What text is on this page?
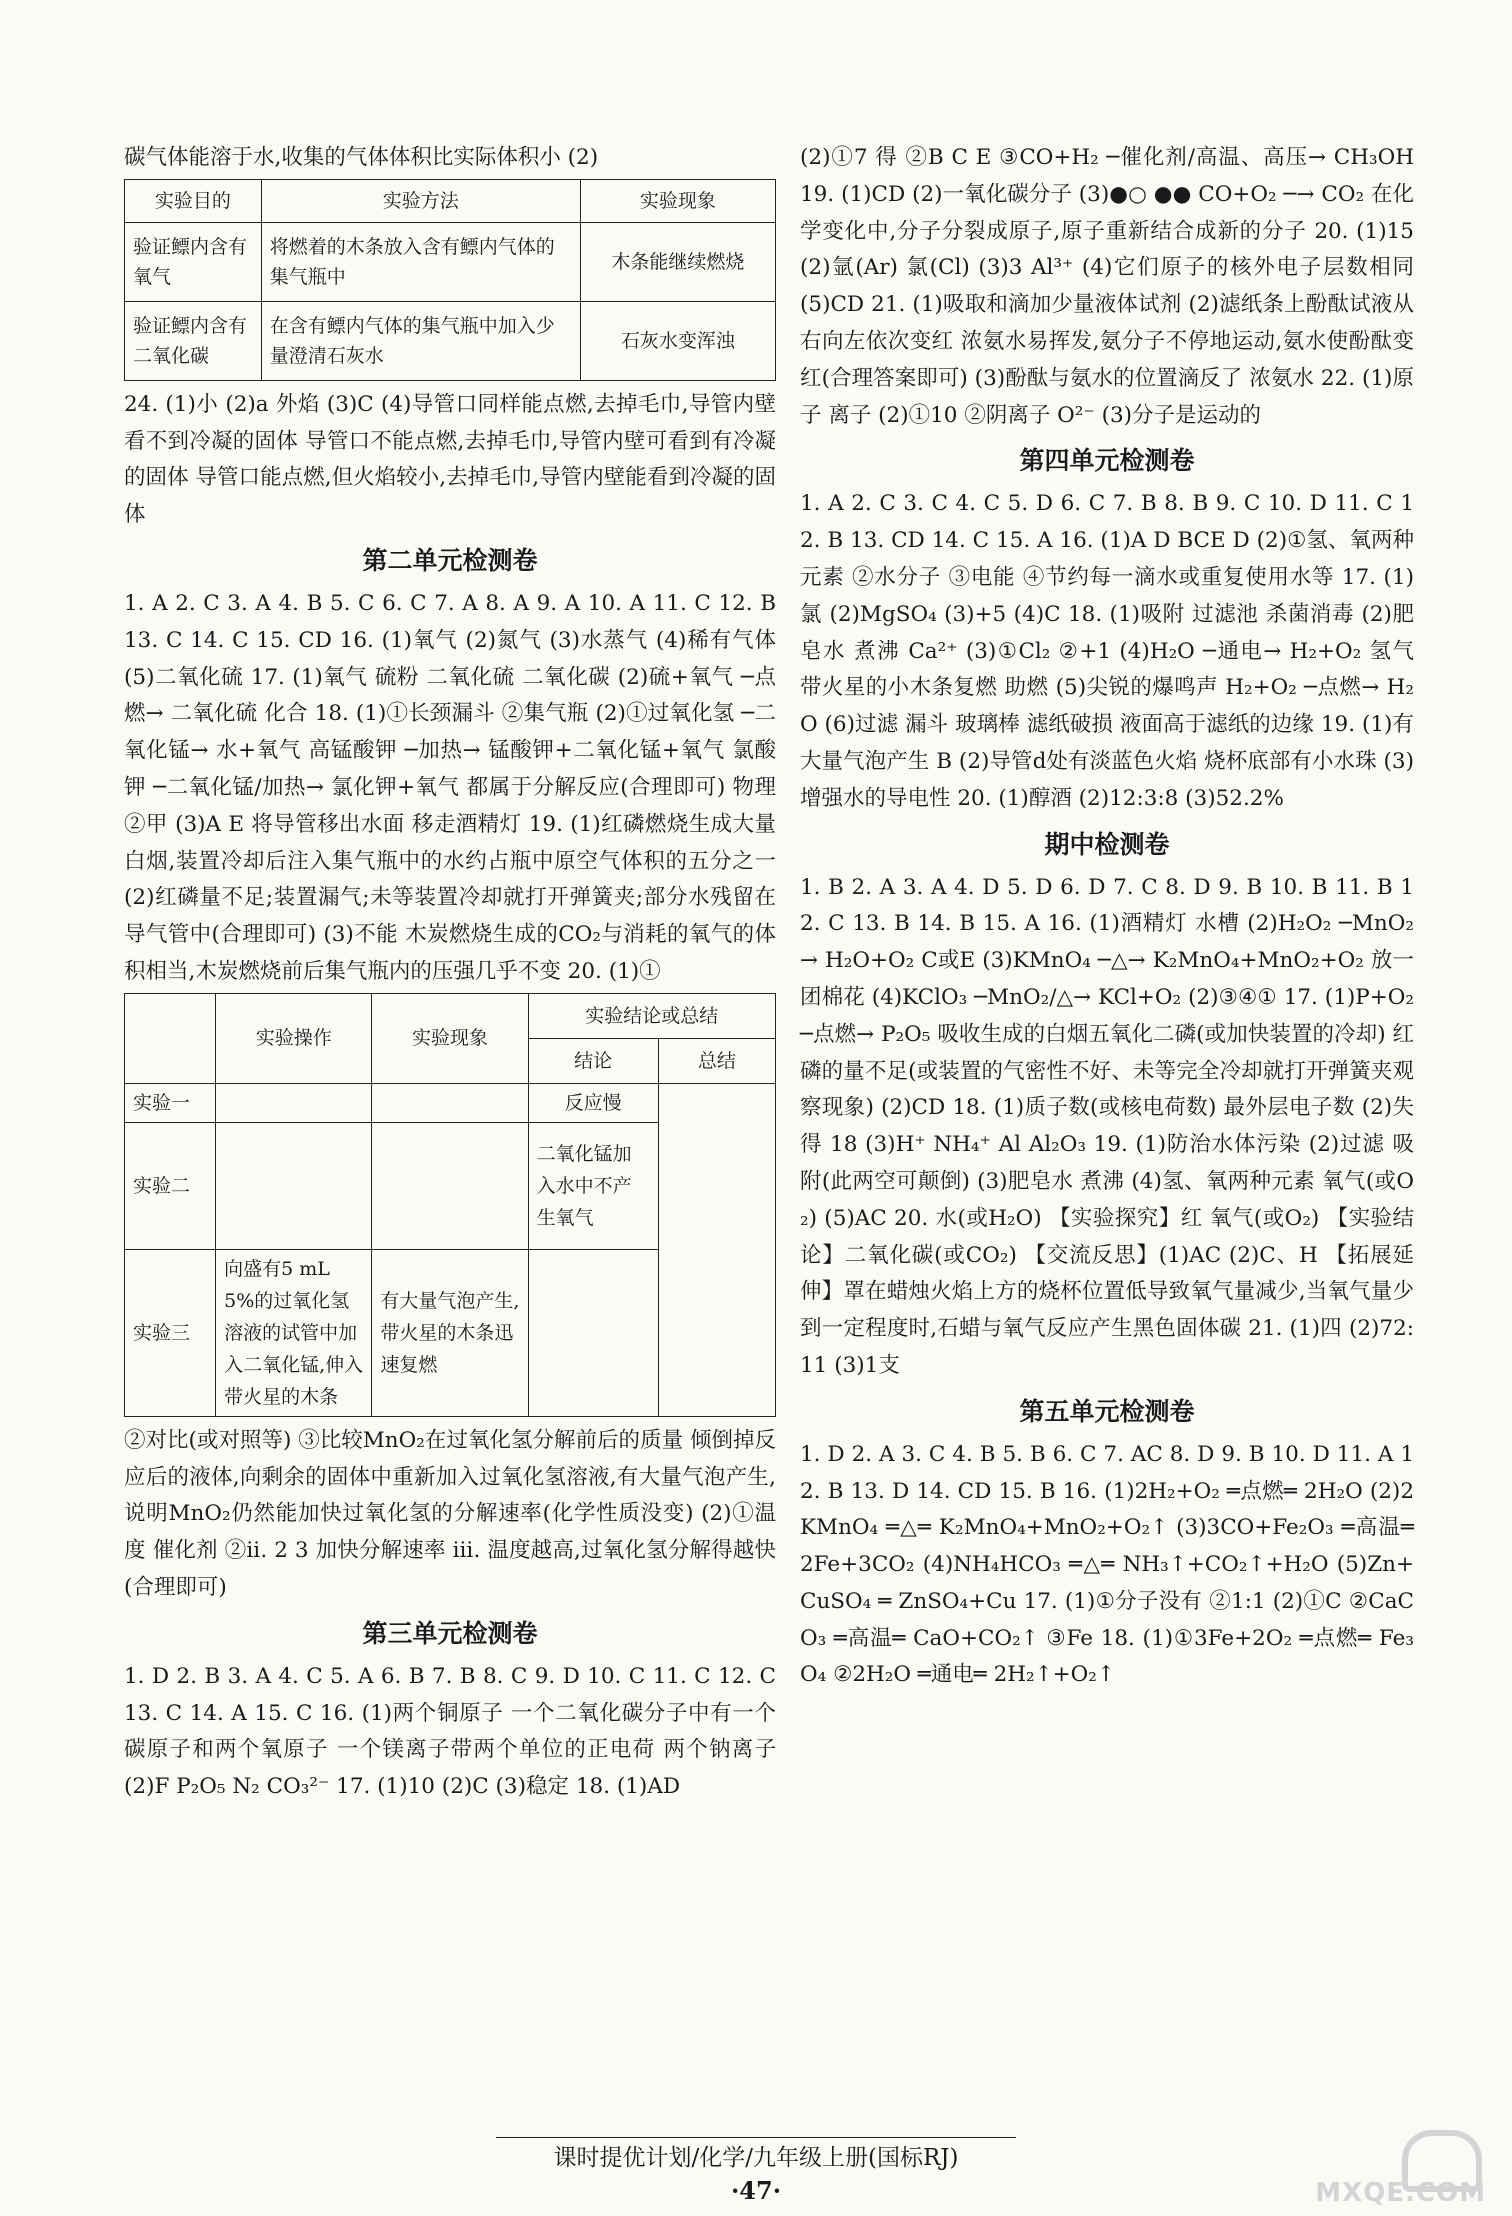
碳气体能溶于水,收集的气体体积比实际体积小 (2)

实验目的	实验方法	实验现象
验证鳔内含有氧气	将燃着的木条放入含有鳔内气体的集气瓶中	木条能继续燃烧
验证鳔内含有二氧化碳	在含有鳔内气体的集气瓶中加入少量澄清石灰水	石灰水变浑浊

24. (1)小 (2)a 外焰 (3)C (4)导管口同样能点燃,去掉毛巾,导管内壁看不到冷凝的固体 导管口不能点燃,去掉毛巾,导管内壁可看到有冷凝的固体 导管口能点燃,但火焰较小,去掉毛巾,导管内壁能看到冷凝的固体

第二单元检测卷

1. A 2. C 3. A 4. B 5. C 6. C 7. A 8. A 9. A 10. A 11. C 12. B 13. C 14. C 15. CD 16. (1)氧气 (2)氮气 (3)水蒸气 (4)稀有气体 (5)二氧化硫 17. (1)氧气 硫粉 二氧化硫 二氧化碳 (2)硫+氧气 ─点燃→ 二氧化硫 化合 18. (1)①长颈漏斗 ②集气瓶 (2)①过氧化氢 ─二氧化锰→ 水+氧气 高锰酸钾 ─加热→ 锰酸钾+二氧化锰+氧气 氯酸钾 ─二氧化锰/加热→ 氯化钾+氧气 都属于分解反应(合理即可) 物理 ②甲 (3)A E 将导管移出水面 移走酒精灯 19. (1)红磷燃烧生成大量白烟,装置冷却后注入集气瓶中的水约占瓶中原空气体积的五分之一 (2)红磷量不足;装置漏气;未等装置冷却就打开弹簧夹;部分水残留在导气管中(合理即可) (3)不能 木炭燃烧生成的CO₂与消耗的氧气的体积相当,木炭燃烧前后集气瓶内的压强几乎不变 20. (1)①

	实验操作	实验现象	实验结论或总结	
			结论	总结
实验一			反应慢	
实验二			二氧化锰加入水中不产生氧气	
实验三	向盛有5 mL 5%的过氧化氢溶液的试管中加入二氧化锰,伸入带火星的木条	有大量气泡产生,带火星的木条迅速复燃		

②对比(或对照等) ③比较MnO₂在过氧化氢分解前后的质量 倾倒掉反应后的液体,向剩余的固体中重新加入过氧化氢溶液,有大量气泡产生,说明MnO₂仍然能加快过氧化氢的分解速率(化学性质没变) (2)①温度 催化剂 ②ⅱ. 2 3 加快分解速率 ⅲ. 温度越高,过氧化氢分解得越快(合理即可)

第三单元检测卷

1. D 2. B 3. A 4. C 5. A 6. B 7. B 8. C 9. D 10. C 11. C 12. C 13. C 14. A 15. C 16. (1)两个铜原子 一个二氧化碳分子中有一个碳原子和两个氧原子 一个镁离子带两个单位的正电荷 两个钠离子 (2)F P₂O₅ N₂ CO₃²⁻ 17. (1)10 (2)C (3)稳定 18. (1)AD

(2)①7 得 ②B C E ③CO+H₂ ─催化剂/高温、高压→ CH₃OH 19. (1)CD (2)一氧化碳分子 (3)●○ ●● CO+O₂ ─→ CO₂ 在化学变化中,分子分裂成原子,原子重新结合成新的分子 20. (1)15 (2)氩(Ar) 氯(Cl) (3)3 Al³⁺ (4)它们原子的核外电子层数相同 (5)CD 21. (1)吸取和滴加少量液体试剂 (2)滤纸条上酚酞试液从右向左依次变红 浓氨水易挥发,氨分子不停地运动,氨水使酚酞变红(合理答案即可) (3)酚酞与氨水的位置滴反了 浓氨水 22. (1)原子 离子 (2)①10 ②阴离子 O²⁻ (3)分子是运动的

第四单元检测卷

1. A 2. C 3. C 4. C 5. D 6. C 7. B 8. B 9. C 10. D 11. C 12. B 13. CD 14. C 15. A 16. (1)A D BCE D (2)①氢、氧两种元素 ②水分子 ③电能 ④节约每一滴水或重复使用水等 17. (1)氯 (2)MgSO₄ (3)+5 (4)C 18. (1)吸附 过滤池 杀菌消毒 (2)肥皂水 煮沸 Ca²⁺ (3)①Cl₂ ②+1 (4)H₂O ─通电→ H₂+O₂ 氢气 带火星的小木条复燃 助燃 (5)尖锐的爆鸣声 H₂+O₂ ─点燃→ H₂O (6)过滤 漏斗 玻璃棒 滤纸破损 液面高于滤纸的边缘 19. (1)有大量气泡产生 B (2)导管d处有淡蓝色火焰 烧杯底部有小水珠 (3)增强水的导电性 20. (1)醇酒 (2)12:3:8 (3)52.2%

期中检测卷

1. B 2. A 3. A 4. D 5. D 6. D 7. C 8. D 9. B 10. B 11. B 12. C 13. B 14. B 15. A 16. (1)酒精灯 水槽 (2)H₂O₂ ─MnO₂→ H₂O+O₂ C或E (3)KMnO₄ ─△→ K₂MnO₄+MnO₂+O₂ 放一团棉花 (4)KClO₃ ─MnO₂/△→ KCl+O₂ (2)③④① 17. (1)P+O₂ ─点燃→ P₂O₅ 吸收生成的白烟五氧化二磷(或加快装置的冷却) 红磷的量不足(或装置的气密性不好、未等完全冷却就打开弹簧夹观察现象) (2)CD 18. (1)质子数(或核电荷数) 最外层电子数 (2)失 得 18 (3)H⁺ NH₄⁺ Al Al₂O₃ 19. (1)防治水体污染 (2)过滤 吸附(此两空可颠倒) (3)肥皂水 煮沸 (4)氢、氧两种元素 氧气(或O₂) (5)AC 20. 水(或H₂O) 【实验探究】红 氧气(或O₂) 【实验结论】二氧化碳(或CO₂) 【交流反思】(1)AC (2)C、H 【拓展延伸】罩在蜡烛火焰上方的烧杯位置低导致氧气量减少,当氧气量少到一定程度时,石蜡与氧气反应产生黑色固体碳 21. (1)四 (2)72:11 (3)1支

第五单元检测卷

1. D 2. A 3. C 4. B 5. B 6. C 7. AC 8. D 9. B 10. D 11. A 12. B 13. D 14. CD 15. B 16. (1)2H₂+O₂ ═点燃═ 2H₂O (2)2KMnO₄ ═△═ K₂MnO₄+MnO₂+O₂↑ (3)3CO+Fe₂O₃ ═高温═ 2Fe+3CO₂ (4)NH₄HCO₃ ═△═ NH₃↑+CO₂↑+H₂O (5)Zn+CuSO₄ ═ ZnSO₄+Cu 17. (1)①分子没有 ②1:1 (2)①C ②CaCO₃ ═高温═ CaO+CO₂↑ ③Fe 18. (1)①3Fe+2O₂ ═点燃═ Fe₃O₄ ②2H₂O ═通电═ 2H₂↑+O₂↑

课时提优计划/化学/九年级上册(国标RJ)
·47·	MXQE.COM
